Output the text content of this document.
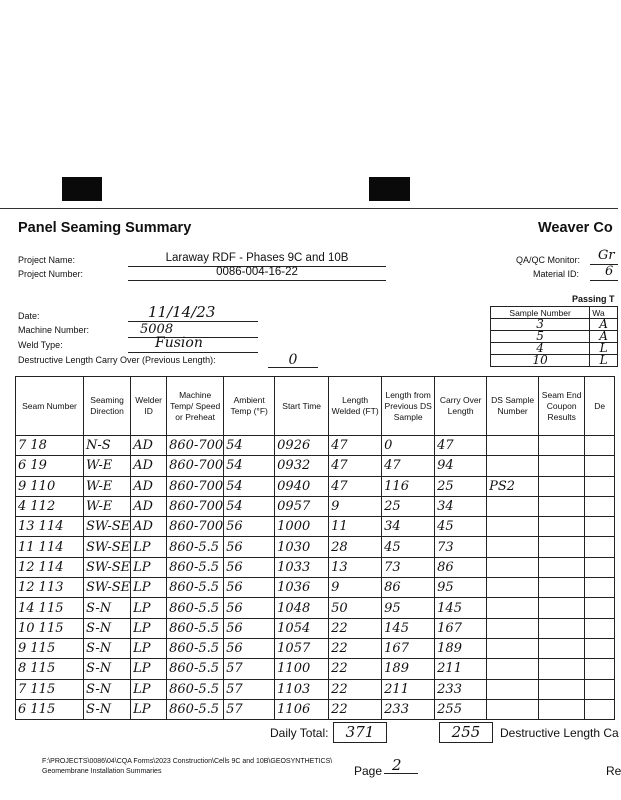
Panel Seaming Summary	Weaver Co
Project Name:	Laraway RDF - Phases 9C and 10B
Project Number:	0086-004-16-22
QA/QC Monitor: Gr
Material ID: 6
Date:	11/14/23
Machine Number:	5008
Weld Type:	Fusion
Destructive Length Carry Over (Previous Length):	0
Passing T
Sample Number	Wa
3	A
5	A
4	L
10	L
Seam Number	Seaming Direction	Welder ID	Machine Temp/ Speed or Preheat	Ambient Temp (°F)	Start Time	Length Welded (FT)	Length from Previous DS Sample	Carry Over Length	DS Sample Number	Seam End Coupon Results	De
7 18	N-S	AD	860-700	54	0926	47	0	47			
6 19	W-E	AD	860-700	54	0932	47	47	94			
9 110	W-E	AD	860-700	54	0940	47	116	25	PS2		
4 112	W-E	AD	860-700	54	0957	9	25	34			
13 114	SW-SE	AD	860-700	56	1000	11	34	45			
11 114	SW-SE	LP	860-5.5	56	1030	28	45	73			
12 114	SW-SE	LP	860-5.5	56	1033	13	73	86			
12 113	SW-SE	LP	860-5.5	56	1036	9	86	95			
14 115	S-N	LP	860-5.5	56	1048	50	95	145			
10 115	S-N	LP	860-5.5	56	1054	22	145	167			
9 115	S-N	LP	860-5.5	56	1057	22	167	189			
8 115	S-N	LP	860-5.5	57	1100	22	189	211			
7 115	S-N	LP	860-5.5	57	1103	22	211	233			
6 115	S-N	LP	860-5.5	57	1106	22	233	255			
Daily Total:	371	255	Destructive Length Ca
F:\PROJECTS\0086\04\CQA Forms\2023 Construction\Cells 9C and 10B\GEOSYNTHETICS\
Geomembrane Installation Summaries	Page 2	Re
